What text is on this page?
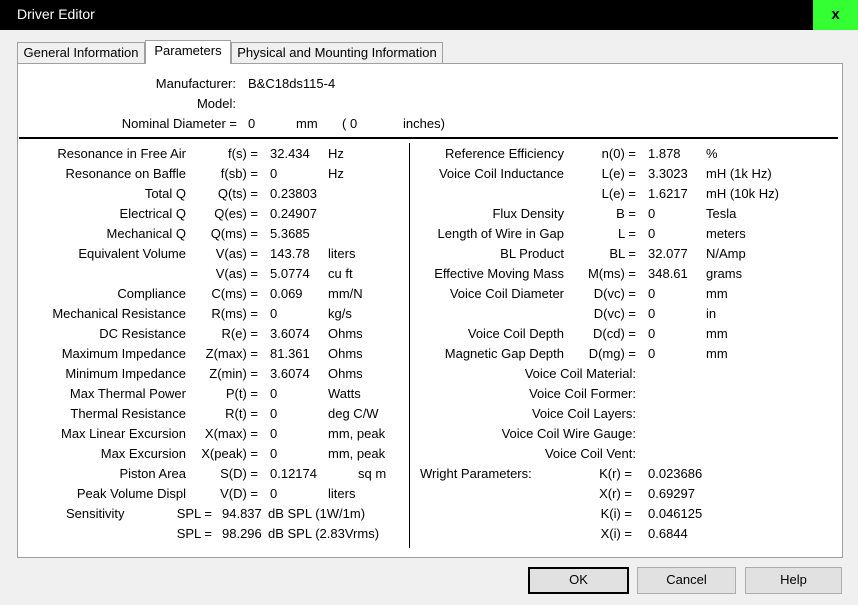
Driver Editor	x
General Information	Parameters	Physical and Mounting Information
Manufacturer: B&C18ds115-4
Model:
Nominal Diameter = 0	mm ( 0	inches)
Resonance in Free Air	f(s) = 32.434 Hz
Resonance on Baffle	f(sb) = 0	Hz
Total Q	Q(ts) = 0.23803
Electrical Q	Q(es) = 0.24907
Mechanical Q	Q(ms) = 5.3685
Equivalent Volume	V(as) = 143.78 liters
V(as) = 5.0774 cu ft
Compliance	C(ms) = 0.069 mm/N
Mechanical Resistance	R(ms) = 0	kg/s
DC Resistance	R(e) = 3.6074 Ohms
Maximum Impedance	Z(max) = 81.361 Ohms
Minimum Impedance	Z(min) = 3.6074 Ohms
Max Thermal Power	P(t) = 0	Watts
Thermal Resistance	R(t) = 0	deg C/W
Max Linear Excursion	X(max) = 0	mm, peak
Max Excursion	X(peak) = 0	mm, peak
Piston Area	S(D) = 0.12174	sq m
Peak Volume Displ	V(D) = 0	liters
Reference Efficiency	n(0) = 1.878 %
Voice Coil Inductance	L(e) = 3.3023 mH (1k Hz)
L(e) = 1.6217 mH (10k Hz)
Flux Density	B = 0	Tesla
Length of Wire in Gap	L = 0	meters
BL Product	BL = 32.077 N/Amp
Effective Moving Mass	M(ms) = 348.61 grams
Voice Coil Diameter	D(vc) = 0	mm
D(vc) = 0	in
Voice Coil Depth	D(cd) = 0	mm
Magnetic Gap Depth	D(mg) = 0	mm
Sensitivity	SPL = 94.837 dB SPL (1W/1m)
SPL = 98.296 dB SPL (2.83Vrms)
Voice Coil Material:
Voice Coil Former:
Voice Coil Layers:
Voice Coil Wire Gauge:
Voice Coil Vent:
Wright Parameters:	K(r) = 0.023686
X(r) = 0.69297
K(i) = 0.046125
X(i) = 0.6844
OK	Cancel	Help
